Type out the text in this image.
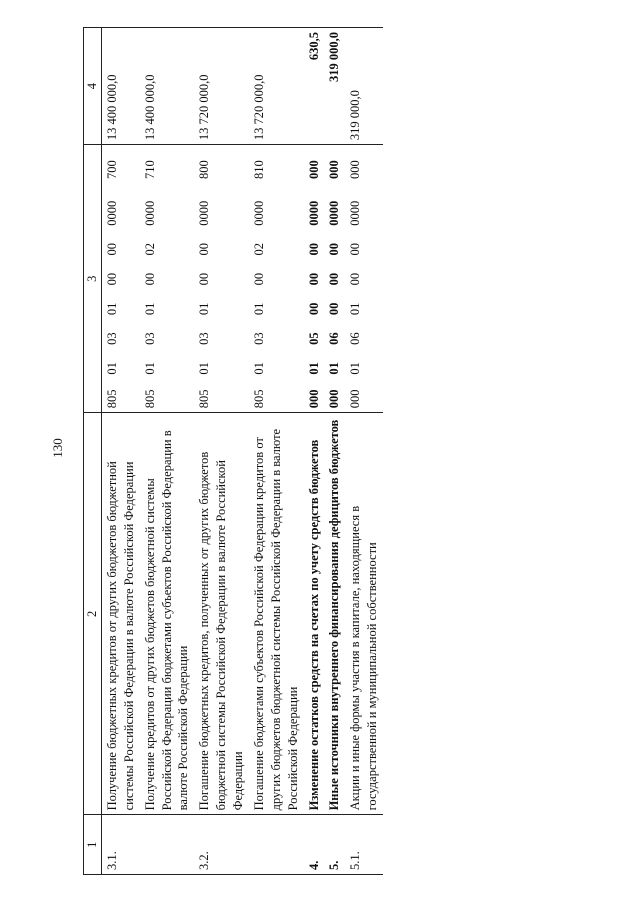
130
1	2	3								4
3.1.	Получение бюджетных кредитов от других бюджетов бюджетной системы Российской Федерации в валюте Российской Федерации	805	01	03	01	00	00	0000	700	13 400 000,0
	Получение кредитов от других бюджетов бюджетной системы Российской Федерации бюджетами субъектов Российской Федерации в валюте Российской Федерации	805	01	03	01	00	02	0000	710	13 400 000,0
3.2.	Погашение бюджетных кредитов, полученных от других бюджетов бюджетной системы Российской Федерации в валюте Российской Федерации	805	01	03	01	00	00	0000	800	13 720 000,0
	Погашение бюджетами субъектов Российской Федерации кредитов от других бюджетов бюджетной системы Российской Федерации в валюте Российской Федерации	805	01	03	01	00	02	0000	810	13 720 000,0
4.	Изменение остатков средств на счетах по учету средств бюджетов	000	01	05	00	00	00	0000	000	630,5
5.	Иные источники внутреннего финансирования дефицитов бюджетов	000	01	06	00	00	00	0000	000	319 000,0
5.1.	Акции и иные формы участия в капитале, находящиеся в государственной и муниципальной собственности	000	01	06	01	00	00	0000	000	319 000,0
